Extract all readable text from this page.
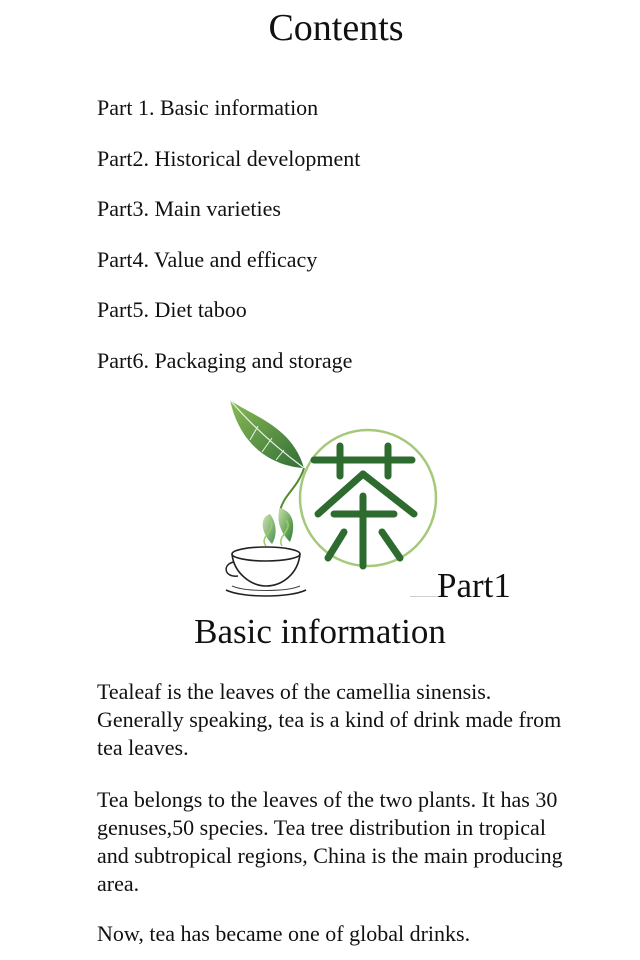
Contents
Part 1. Basic information
Part2. Historical development
Part3. Main varieties
Part4. Value and efficacy
Part5. Diet taboo
Part6. Packaging and storage
Part1
Basic information

Tealeaf is the leaves of the camellia sinensis. Generally speaking, tea is a kind of drink made from tea leaves.

Tea belongs to the leaves of the two plants. It has 30 genuses,50 species. Tea tree distribution in tropical and subtropical regions, China is the main producing area.

Now, tea has became one of global drinks.
